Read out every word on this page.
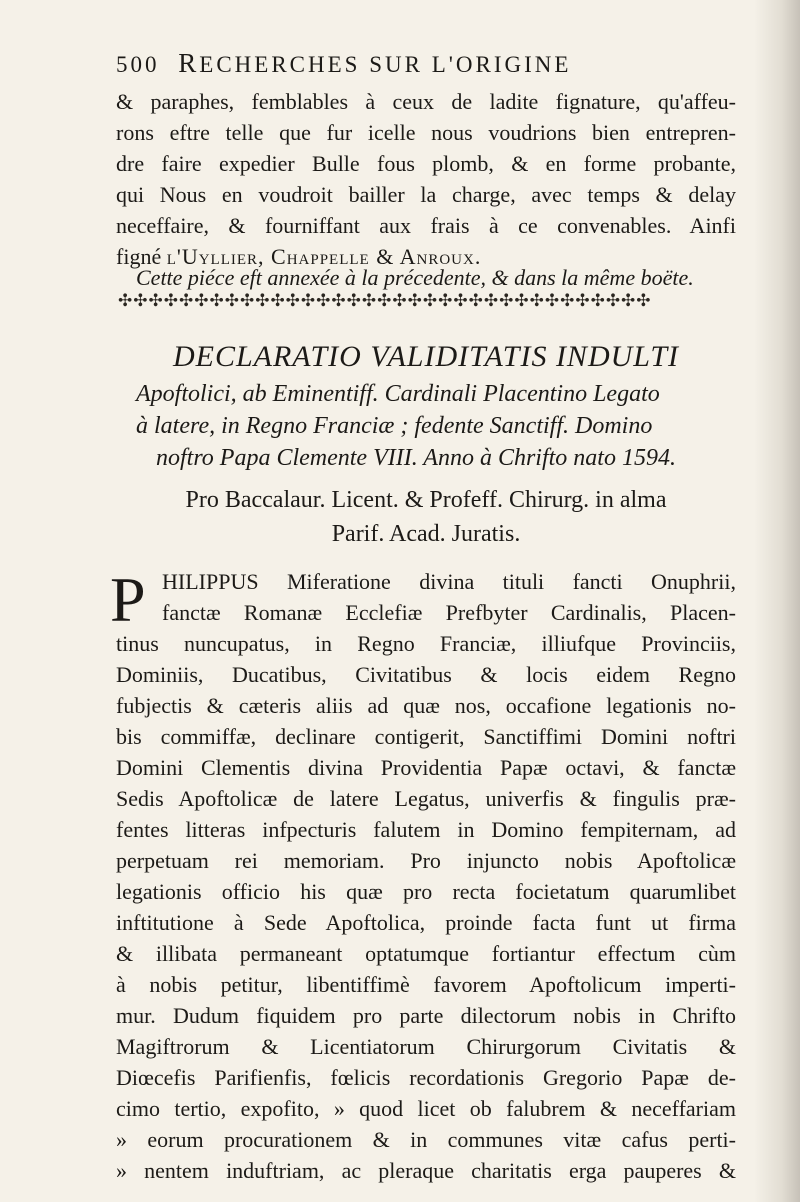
500 RECHERCHES SUR L'ORIGINE
& paraphes, femblables à ceux de ladite fignature, qu'affeu-
rons eftre telle que fur icelle nous voudrions bien entrepren-
dre faire expedier Bulle fous plomb, & en forme probante,
qui Nous en voudroit bailler la charge, avec temps & delay
neceffaire, & fourniffant aux frais à ce convenables. Ainfi
figné l'Uyllier, Chappelle & Anroux.
Cette piéce eft annexée à la précedente, & dans la même boëte.
✣✣✣✣✣✣✣✣✣✣✣✣✣✣✣✣✣✣✣✣✣✣✣✣✣✣✣✣✣✣✣✣✣✣✣
DECLARATIO VALIDITATIS INDULTI
Apoftolici, ab Eminentiff. Cardinali Placentino Legato
à latere, in Regno Franciæ ; fedente Sanctiff. Domino
noftro Papa Clemente VIII. Anno à Chrifto nato 1594.
Pro Baccalaur. Licent. & Profeff. Chirurg. in alma
Parif. Acad. Juratis.
P HILIPPUS Miferatione divina tituli fancti Onuphrii,
fanctæ Romanæ Ecclefiæ Prefbyter Cardinalis, Placen-
tinus nuncupatus, in Regno Franciæ, illiufque Provinciis,
Dominiis, Ducatibus, Civitatibus & locis eidem Regno
fubjectis & cæteris aliis ad quæ nos, occafione legationis no-
bis commiffæ, declinare contigerit, Sanctiffimi Domini noftri
Domini Clementis divina Providentia Papæ octavi, & fanctæ
Sedis Apoftolicæ de latere Legatus, univerfis & fingulis præ-
fentes litteras infpecturis falutem in Domino fempiternam, ad
perpetuam rei memoriam. Pro injuncto nobis Apoftolicæ
legationis officio his quæ pro recta focietatum quarumlibet
inftitutione à Sede Apoftolica, proinde facta funt ut firma
& illibata permaneant optatumque fortiantur effectum cùm
à nobis petitur, libentiffimè favorem Apoftolicum imperti-
mur. Dudum fiquidem pro parte dilectorum nobis in Chrifto
Magiftrorum & Licentiatorum Chirurgorum Civitatis &
Diœcefis Parifienfis, fœlicis recordationis Gregorio Papæ de-
cimo tertio, expofito, » quod licet ob falubrem & neceffariam
» eorum procurationem & in communes vitæ cafus perti-
» nentem induftriam, ac pleraque charitatis erga pauperes &
